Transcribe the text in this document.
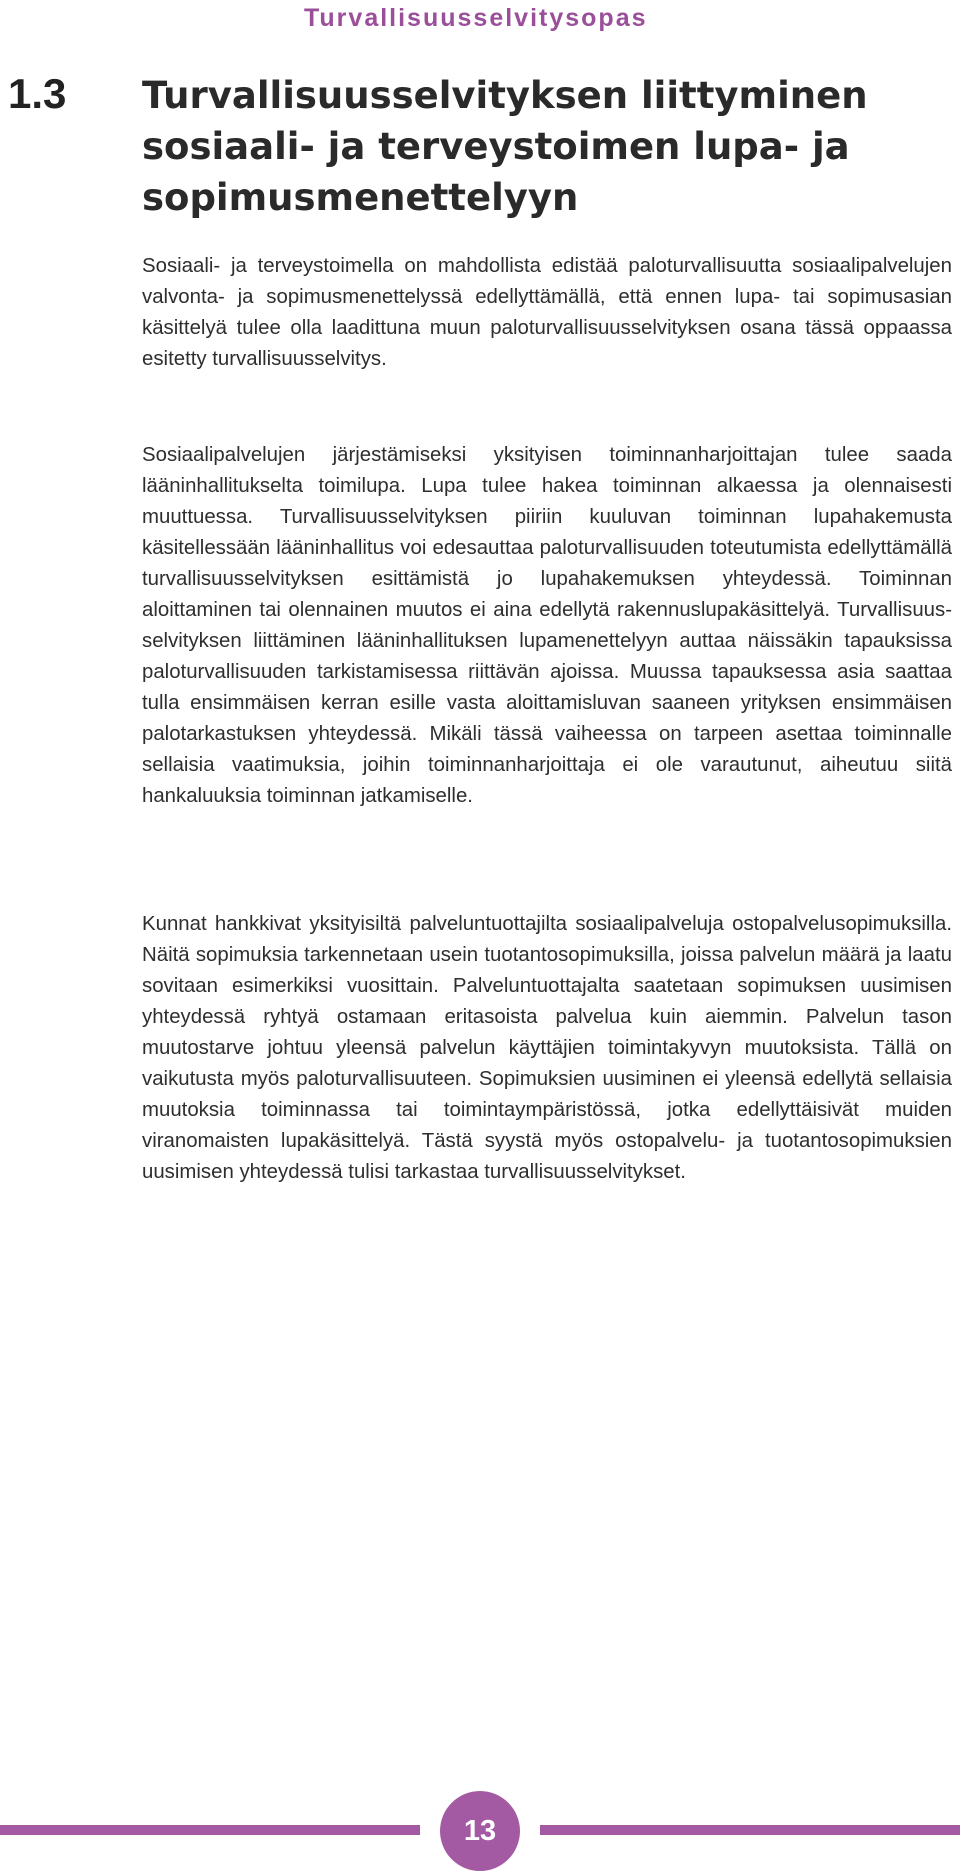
Turvallisuusselvitysopas
1.3 Turvallisuusselvityksen liittyminen sosiaali- ja terveystoimen lupa- ja sopimusmenettelyyn

Sosiaali- ja terveystoimella on mahdollista edistää paloturvallisuutta sosiaalipalvelujen valvonta- ja sopimusmenettelyssä edellyttämällä, että ennen lupa- tai sopimusasian käsittelyä tulee olla laadittuna muun paloturvallisuusselvityksen osana tässä oppaassa esitetty turvallisuusselvitys.

Sosiaalipalvelujen järjestämiseksi yksityisen toiminnanharjoittajan tulee saada lääninhallitukselta toimilupa. Lupa tulee hakea toiminnan alkaessa ja olennaisesti muuttuessa. Turvallisuusselvityksen piiriin kuuluvan toiminnan lupahakemusta käsitellessään lääninhallitus voi edesauttaa paloturvallisuuden toteutumista edellyttämällä turvallisuusselvityksen esittämistä jo lupahakemuksen yhteydessä. Toiminnan aloittaminen tai olennainen muutos ei aina edellytä rakennuslupakäsittelyä. Turvallisuusselvityksen liittäminen lääninhallituksen lupamenettelyyn auttaa näissäkin tapauksissa paloturvallisuuden tarkistamisessa riittävän ajoissa. Muussa tapauksessa asia saattaa tulla ensimmäisen kerran esille vasta aloittamisluvan saaneen yrityksen ensimmäisen palotarkastuksen yhteydessä. Mikäli tässä vaiheessa on tarpeen asettaa toiminnalle sellaisia vaatimuksia, joihin toiminnanharjoittaja ei ole varautunut, aiheutuu siitä hankaluuksia toiminnan jatkamiselle.

Kunnat hankkivat yksityisiltä palveluntuottajilta sosiaalipalveluja ostopalvelusopimuksilla. Näitä sopimuksia tarkennetaan usein tuotantosopimuksilla, joissa palvelun määrä ja laatu sovitaan esimerkiksi vuosittain. Palveluntuottajalta saatetaan sopimuksen uusimisen yhteydessä ryhtyä ostamaan eritasoista palvelua kuin aiemmin. Palvelun tason muutostarve johtuu yleensä palvelun käyttäjien toimintakyvyn muutoksista. Tällä on vaikutusta myös paloturvallisuuteen. Sopimuksien uusiminen ei yleensä edellytä sellaisia muutoksia toiminnassa tai toimintaympäristössä, jotka edellyttäisivät muiden viranomaisten lupakäsittelyä. Tästä syystä myös ostopalvelu- ja tuotantosopimuksien uusimisen yhteydessä tulisi tarkastaa turvallisuusselvitykset.

13
